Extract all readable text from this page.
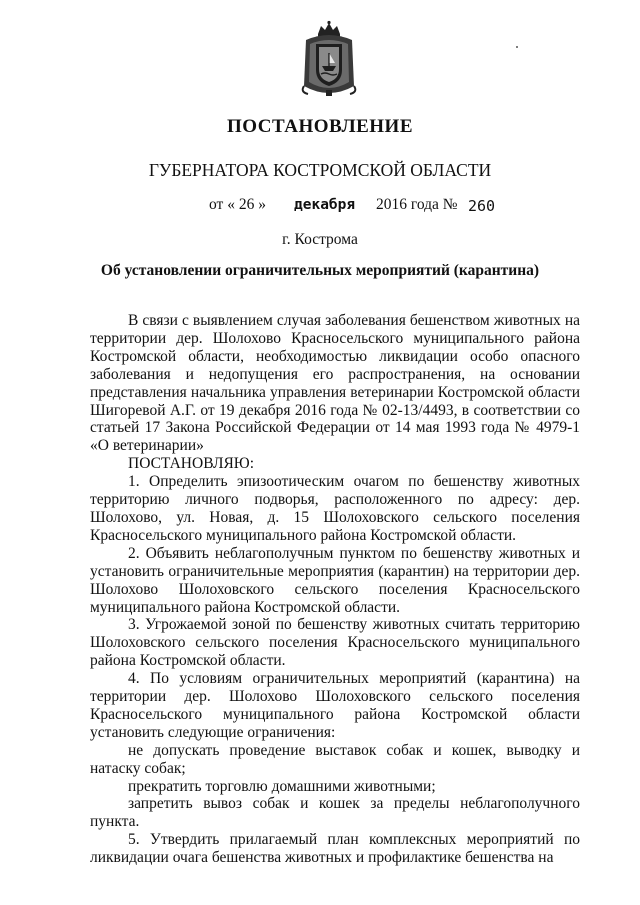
ПОСТАНОВЛЕНИЕ
ГУБЕРНАТОРА КОСТРОМСКОЙ ОБЛАСТИ
от « 26 » декабря 2016 года № 260

г. Кострома

Об установлении ограничительных мероприятий (карантина)

В связи с выявлением случая заболевания бешенством животных на территории дер. Шолохово Красносельского муниципального района Костромской области, необходимостью ликвидации особо опасного заболевания и недопущения его распространения, на основании представления начальника управления ветеринарии Костромской области Шигоревой А.Г. от 19 декабря 2016 года № 02-13/4493, в соответствии со статьей 17 Закона Российской Федерации от 14 мая 1993 года № 4979-1 «О ветеринарии»

ПОСТАНОВЛЯЮ:

1. Определить эпизоотическим очагом по бешенству животных территорию личного подворья, расположенного по адресу: дер. Шолохово, ул. Новая, д. 15 Шолоховского сельского поселения Красносельского муниципального района Костромской области.

2. Объявить неблагополучным пунктом по бешенству животных и установить ограничительные мероприятия (карантин) на территории дер. Шолохово Шолоховского сельского поселения Красносельского муниципального района Костромской области.

3. Угрожаемой зоной по бешенству животных считать территорию Шолоховского сельского поселения Красносельского муниципального района Костромской области.

4. По условиям ограничительных мероприятий (карантина) на территории дер. Шолохово Шолоховского сельского поселения Красносельского муниципального района Костромской области установить следующие ограничения:

не допускать проведение выставок собак и кошек, выводку и натаску собак;

прекратить торговлю домашними животными;

запретить вывоз собак и кошек за пределы неблагополучного пункта.

5. Утвердить прилагаемый план комплексных мероприятий по ликвидации очага бешенства животных и профилактике бешенства на
